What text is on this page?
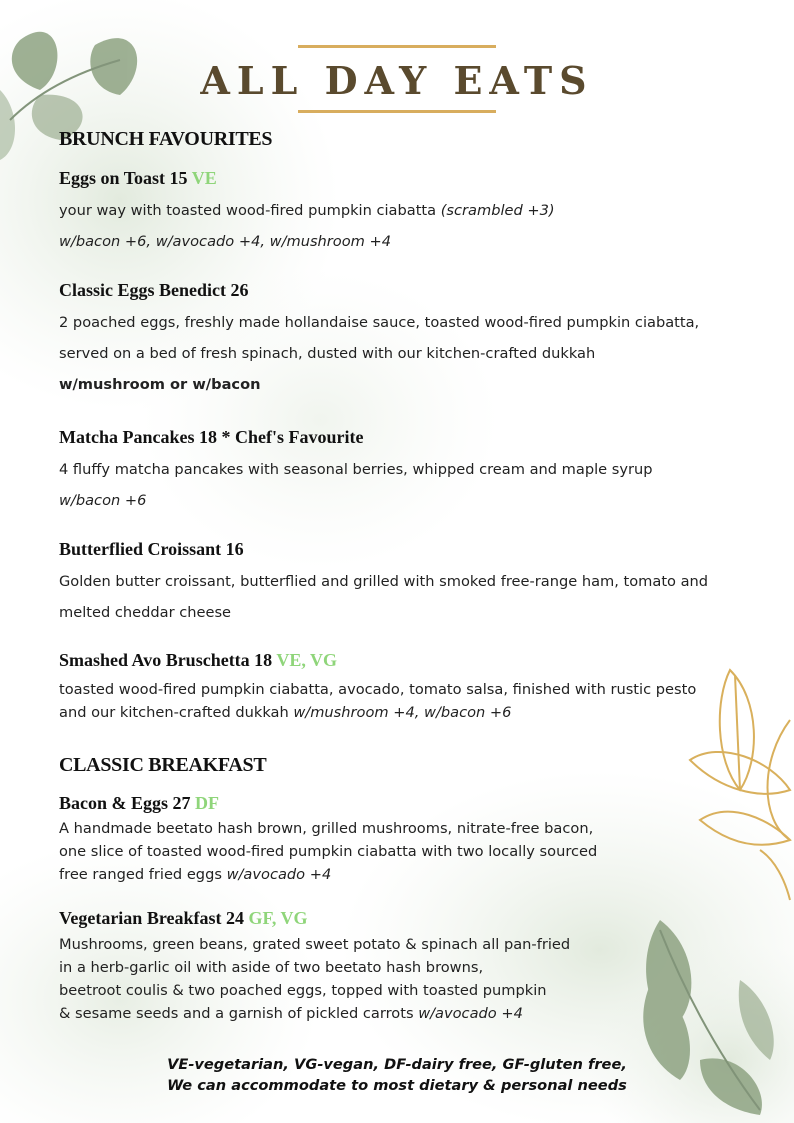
ALL DAY EATS
BRUNCH FAVOURITES
Eggs on Toast 15 VE
your way with toasted wood-fired pumpkin ciabatta (scrambled +3)
w/bacon +6, w/avocado +4, w/mushroom +4
Classic Eggs Benedict 26
2 poached eggs, freshly made hollandaise sauce, toasted wood-fired pumpkin ciabatta,
served on a bed of fresh spinach, dusted with our kitchen-crafted dukkah
w/mushroom or w/bacon
Matcha Pancakes 18 * Chef's Favourite
4 fluffy matcha pancakes with seasonal berries, whipped cream and maple syrup
w/bacon +6
Butterflied Croissant 16
Golden butter croissant, butterflied and grilled with smoked free-range ham, tomato and
melted cheddar cheese
Smashed Avo Bruschetta 18 VE, VG
toasted wood-fired pumpkin ciabatta, avocado, tomato salsa, finished with rustic pesto
and our kitchen-crafted dukkah w/mushroom +4, w/bacon +6
CLASSIC BREAKFAST
Bacon & Eggs 27 DF
A handmade beetato hash brown, grilled mushrooms, nitrate-free bacon,
one slice of toasted wood-fired pumpkin ciabatta with two locally sourced
free ranged fried eggs w/avocado +4
Vegetarian Breakfast 24 GF, VG
Mushrooms, green beans, grated sweet potato & spinach all pan-fried
in a herb-garlic oil with aside of two beetato hash browns,
beetroot coulis & two poached eggs, topped with toasted pumpkin
& sesame seeds and a garnish of pickled carrots w/avocado +4
VE-vegetarian, VG-vegan, DF-dairy free, GF-gluten free,
We can accommodate to most dietary & personal needs
